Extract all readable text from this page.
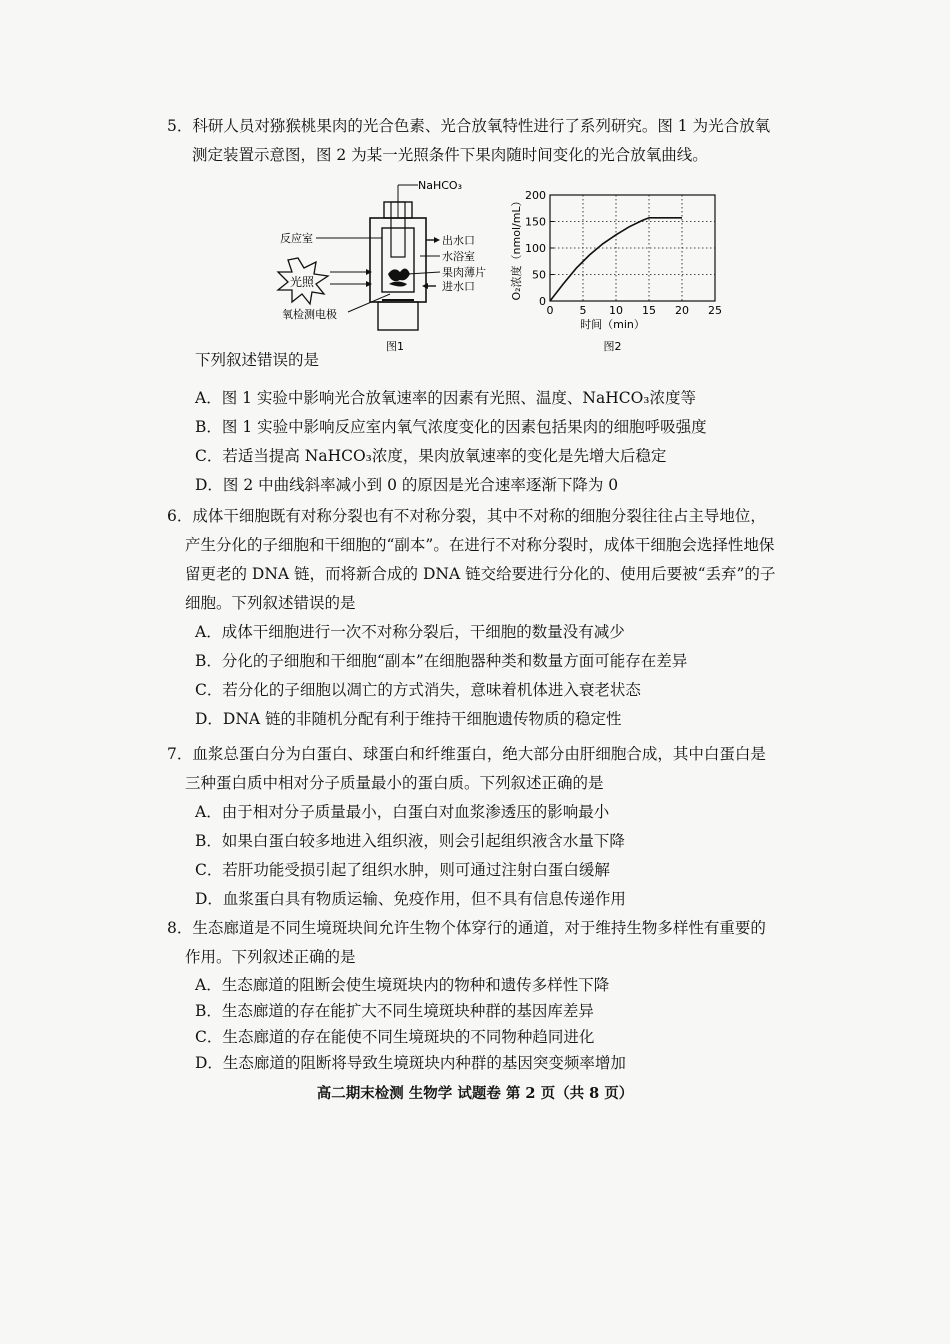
5．科研人员对猕猴桃果肉的光合色素、光合放氧特性进行了系列研究。图 1 为光合放氧

测定装置示意图，图 2 为某一光照条件下果肉随时间变化的光合放氧曲线。

NaHCO₃
反应室
光照
氧检测电极
出水口
水浴室
果肉薄片
进水口
图1
0 5 10 15 20 25
0
50
100
150
200
O₂浓度（nmol/mL）
时间（min）
图2
下列叙述错误的是

A．图 1 实验中影响光合放氧速率的因素有光照、温度、NaHCO₃浓度等

B．图 1 实验中影响反应室内氧气浓度变化的因素包括果肉的细胞呼吸强度

C．若适当提高 NaHCO₃浓度，果肉放氧速率的变化是先增大后稳定

D．图 2 中曲线斜率减小到 0 的原因是光合速率逐渐下降为 0

6．成体干细胞既有对称分裂也有不对称分裂，其中不对称的细胞分裂往往占主导地位，

产生分化的子细胞和干细胞的“副本”。在进行不对称分裂时，成体干细胞会选择性地保

留更老的 DNA 链，而将新合成的 DNA 链交给要进行分化的、使用后要被“丢弃”的子

细胞。下列叙述错误的是

A．成体干细胞进行一次不对称分裂后，干细胞的数量没有减少

B．分化的子细胞和干细胞“副本”在细胞器种类和数量方面可能存在差异

C．若分化的子细胞以凋亡的方式消失，意味着机体进入衰老状态

D．DNA 链的非随机分配有利于维持干细胞遗传物质的稳定性

7．血浆总蛋白分为白蛋白、球蛋白和纤维蛋白，绝大部分由肝细胞合成，其中白蛋白是

三种蛋白质中相对分子质量最小的蛋白质。下列叙述正确的是

A．由于相对分子质量最小，白蛋白对血浆渗透压的影响最小

B．如果白蛋白较多地进入组织液，则会引起组织液含水量下降

C．若肝功能受损引起了组织水肿，则可通过注射白蛋白缓解

D．血浆蛋白具有物质运输、免疫作用，但不具有信息传递作用

8．生态廊道是不同生境斑块间允许生物个体穿行的通道，对于维持生物多样性有重要的

作用。下列叙述正确的是

A．生态廊道的阻断会使生境斑块内的物种和遗传多样性下降

B．生态廊道的存在能扩大不同生境斑块种群的基因库差异

C．生态廊道的存在能使不同生境斑块的不同物种趋同进化

D．生态廊道的阻断将导致生境斑块内种群的基因突变频率增加

高二期末检测 生物学 试题卷 第 2 页（共 8 页）
